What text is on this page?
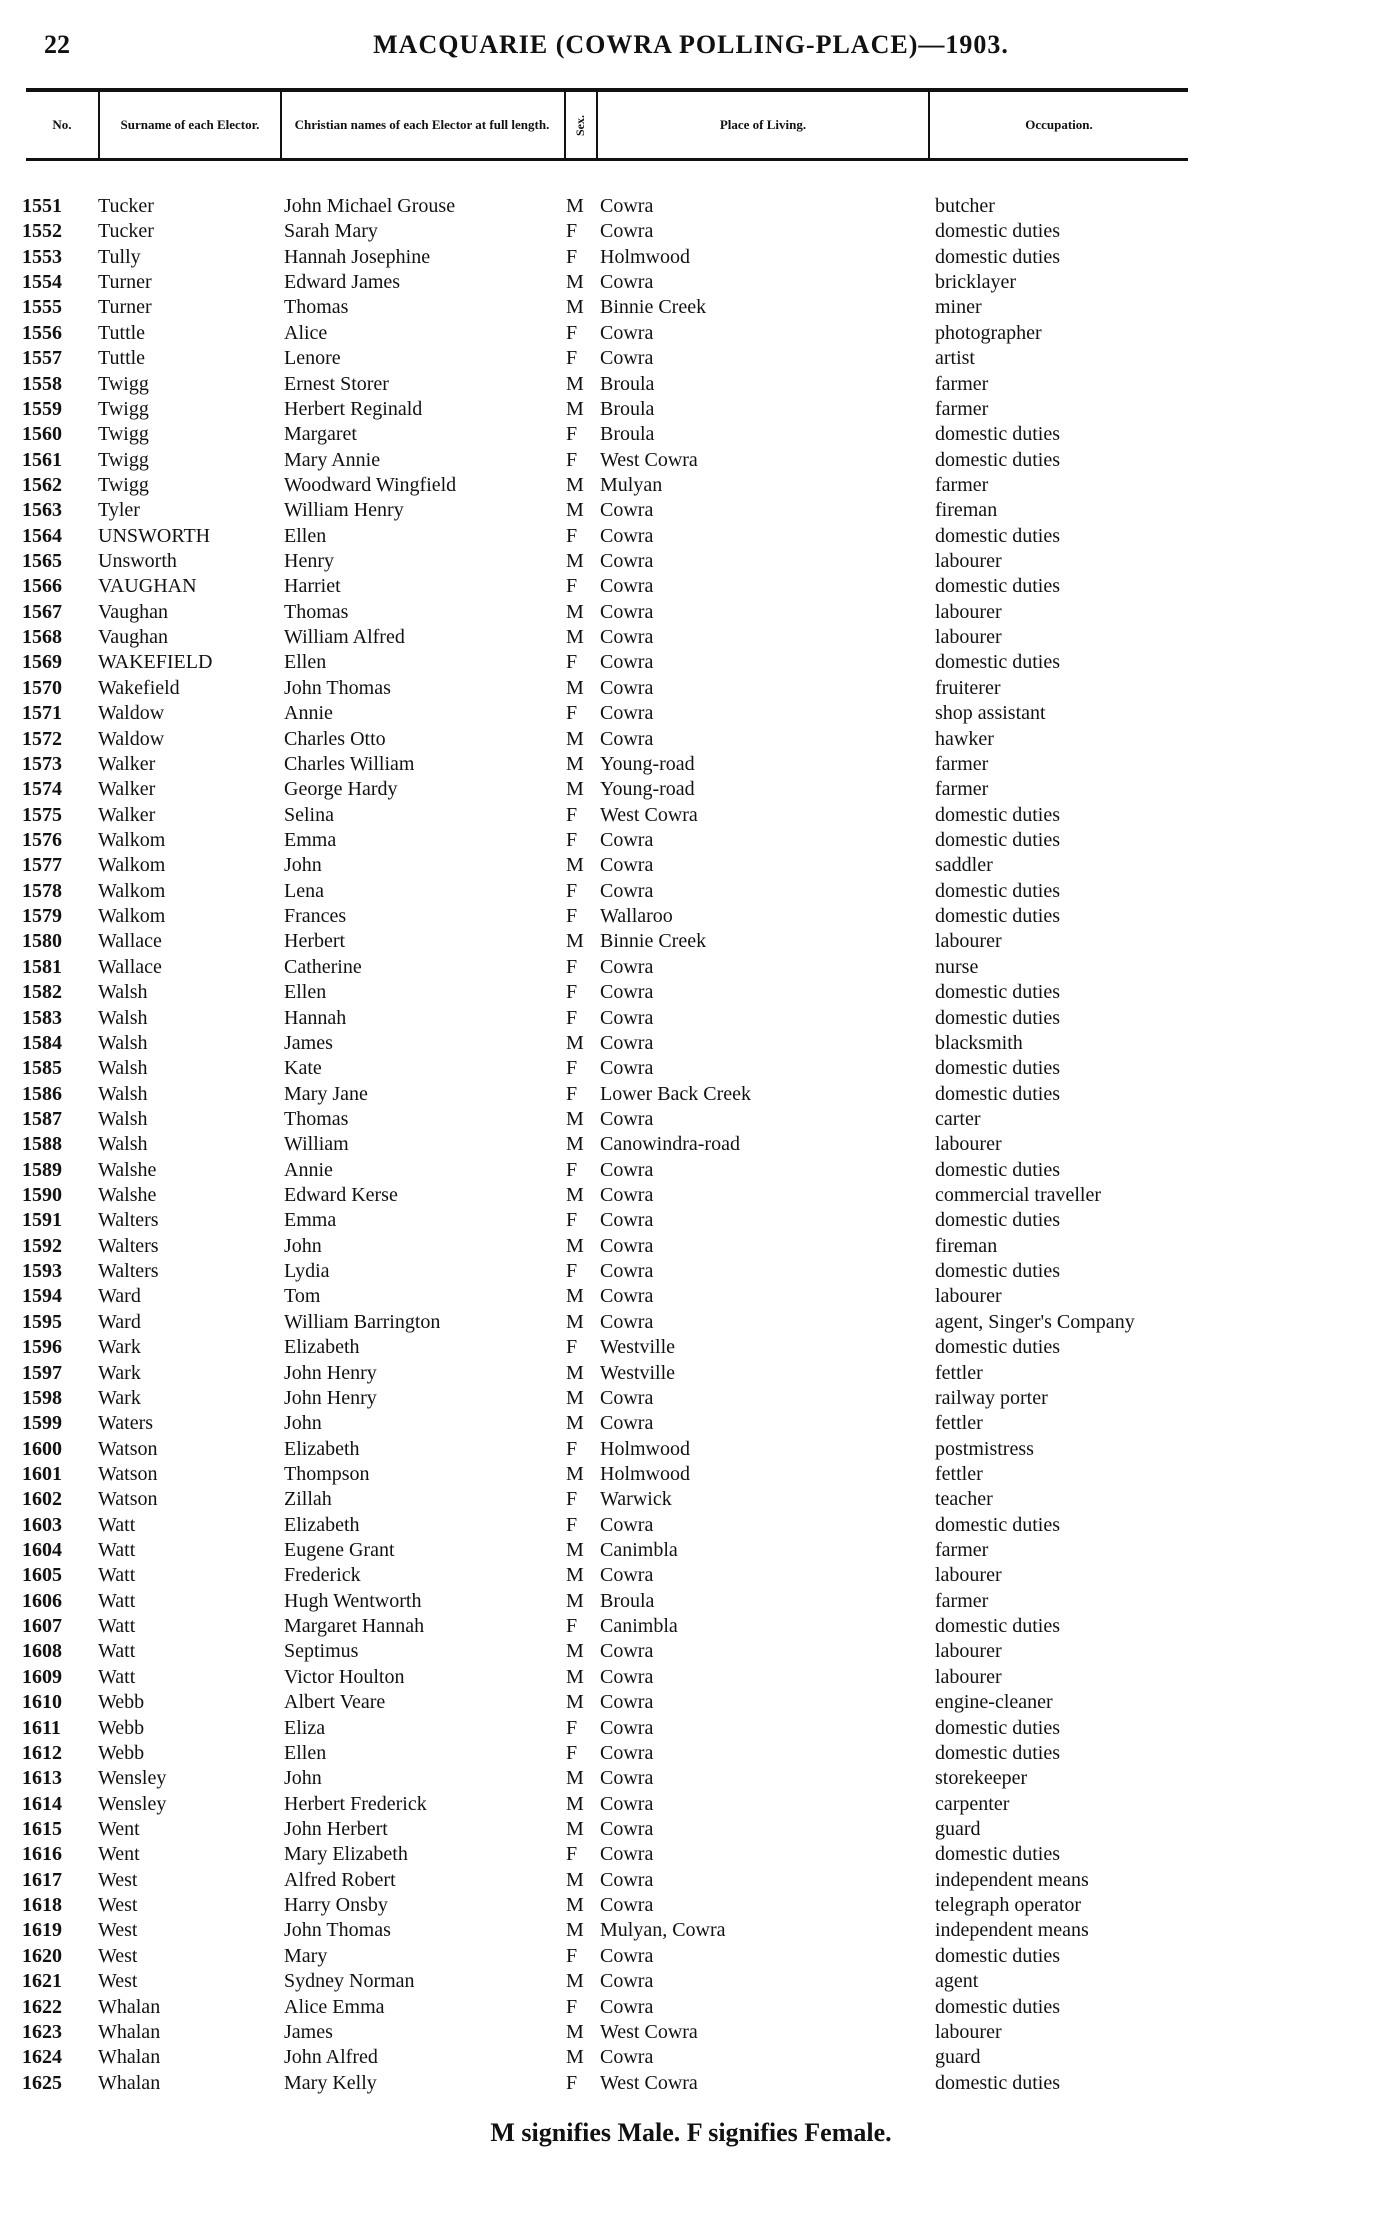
22	MACQUARIE (COWRA POLLING-PLACE)—1903.
No.	Surname of each Elector.	Christian names of each Elector at full length.	Sex.	Place of Living.	Occupation.
1551 Tucker	John Michael Grouse	M Cowra	butcher
1552 Tucker	Sarah Mary	F Cowra	domestic duties
1553 Tully	Hannah Josephine	F Holmwood	domestic duties
1554 Turner	Edward James	M Cowra	bricklayer
1555 Turner	Thomas	M Binnie Creek	miner
1556 Tuttle	Alice	F Cowra	photographer
1557 Tuttle	Lenore	F Cowra	artist
1558 Twigg	Ernest Storer	M Broula	farmer
1559 Twigg	Herbert Reginald	M Broula	farmer
1560 Twigg	Margaret	F Broula	domestic duties
1561 Twigg	Mary Annie	F West Cowra	domestic duties
1562 Twigg	Woodward Wingfield	M Mulyan	farmer
1563 Tyler	William Henry	M Cowra	fireman
1564 UNSWORTH	Ellen	F Cowra	domestic duties
1565 Unsworth	Henry	M Cowra	labourer
1566 VAUGHAN	Harriet	F Cowra	domestic duties
1567 Vaughan	Thomas	M Cowra	labourer
1568 Vaughan	William Alfred	M Cowra	labourer
1569 WAKEFIELD	Ellen	F Cowra	domestic duties
1570 Wakefield	John Thomas	M Cowra	fruiterer
1571 Waldow	Annie	F Cowra	shop assistant
1572 Waldow	Charles Otto	M Cowra	hawker
1573 Walker	Charles William	M Young-road	farmer
1574 Walker	George Hardy	M Young-road	farmer
1575 Walker	Selina	F West Cowra	domestic duties
1576 Walkom	Emma	F Cowra	domestic duties
1577 Walkom	John	M Cowra	saddler
1578 Walkom	Lena	F Cowra	domestic duties
1579 Walkom	Frances	F Wallaroo	domestic duties
1580 Wallace	Herbert	M Binnie Creek	labourer
1581 Wallace	Catherine	F Cowra	nurse
1582 Walsh	Ellen	F Cowra	domestic duties
1583 Walsh	Hannah	F Cowra	domestic duties
1584 Walsh	James	M Cowra	blacksmith
1585 Walsh	Kate	F Cowra	domestic duties
1586 Walsh	Mary Jane	F Lower Back Creek	domestic duties
1587 Walsh	Thomas	M Cowra	carter
1588 Walsh	William	M Canowindra-road	labourer
1589 Walshe	Annie	F Cowra	domestic duties
1590 Walshe	Edward Kerse	M Cowra	commercial traveller
1591 Walters	Emma	F Cowra	domestic duties
1592 Walters	John	M Cowra	fireman
1593 Walters	Lydia	F Cowra	domestic duties
1594 Ward	Tom	M Cowra	labourer
1595 Ward	William Barrington	M Cowra	agent, Singer's Company
1596 Wark	Elizabeth	F Westville	domestic duties
1597 Wark	John Henry	M Westville	fettler
1598 Wark	John Henry	M Cowra	railway porter
1599 Waters	John	M Cowra	fettler
1600 Watson	Elizabeth	F Holmwood	postmistress
1601 Watson	Thompson	M Holmwood	fettler
1602 Watson	Zillah	F Warwick	teacher
1603 Watt	Elizabeth	F Cowra	domestic duties
1604 Watt	Eugene Grant	M Canimbla	farmer
1605 Watt	Frederick	M Cowra	labourer
1606 Watt	Hugh Wentworth	M Broula	farmer
1607 Watt	Margaret Hannah	F Canimbla	domestic duties
1608 Watt	Septimus	M Cowra	labourer
1609 Watt	Victor Houlton	M Cowra	labourer
1610 Webb	Albert Veare	M Cowra	engine-cleaner
1611 Webb	Eliza	F Cowra	domestic duties
1612 Webb	Ellen	F Cowra	domestic duties
1613 Wensley	John	M Cowra	storekeeper
1614 Wensley	Herbert Frederick	M Cowra	carpenter
1615 Went	John Herbert	M Cowra	guard
1616 Went	Mary Elizabeth	F Cowra	domestic duties
1617 West	Alfred Robert	M Cowra	independent means
1618 West	Harry Onsby	M Cowra	telegraph operator
1619 West	John Thomas	M Mulyan, Cowra	independent means
1620 West	Mary	F Cowra	domestic duties
1621 West	Sydney Norman	M Cowra	agent
1622 Whalan	Alice Emma	F Cowra	domestic duties
1623 Whalan	James	M West Cowra	labourer
1624 Whalan	John Alfred	M Cowra	guard
1625 Whalan	Mary Kelly	F West Cowra	domestic duties
M signifies Male. F signifies Female.
